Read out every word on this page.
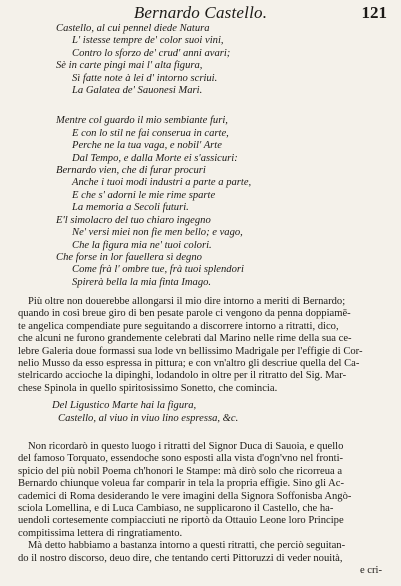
Bernardo Castello.	121
Castello, al cui pennel diede Natura
L' istesse tempre de' color suoi vini,
Contro lo sforzo de' crud' anni avari;
Sè in carte pingi mai l' alta figura,
Sì fatte note à lei d' intorno scriui.
La Galatea de' Sauonesi Mari.
Mentre col guardo il mio sembiante furi,
E con lo stil ne fai conserua in carte,
Perche ne la tua vaga, e nobil' Arte
Dal Tempo, e dalla Morte ei s'assicuri:
Bernardo vien, che di furar procuri
Anche i tuoi modi industri a parte a parte,
E che s' adorni le mie rime sparte
La memoria a Secoli futuri.
E'l simolacro del tuo chiaro ingegno
Ne' versi miei non fie men bello; e vago,
Che la figura mia ne' tuoi colori.
Che forse in lor fauellera sì degno
Come frà l' ombre tue, frà tuoi splendori
Spirerà bella la mia finta Imago.
Più oltre non douerebbe allongarsi il mio dire intorno a meriti di Bernardo;
quando in così breue giro di ben pesate parole ci vengono da penna doppiamē-
te angelica compendiate pure seguitando a discorrere intorno a ritratti, dico,
che alcuni ne furono grandemente celebrati dal Marino nelle rime della sua ce-
lebre Galeria doue formassi sua lode vn bellissimo Madrigale per l'effigie di Cor-
nelio Musso da esso espressa in pittura; e con vn'altro gli descriue quella del Ca-
stelricardo accioche la dipinghi, lodandolo in oltre per il ritratto del Sig. Mar-
chese Spinola in quello spiritosissimo Sonetto, che comincia.
Del Ligustico Marte hai la figura,
Castello, al viuo in viuo lino espressa, &c.
Non ricordarò in questo luogo i ritratti del Signor Duca di Sauoia, e quello
del famoso Torquato, essendoche sono esposti alla vista d'ogn'vno nel fronti-
spicio del più nobil Poema ch'honori le Stampe: mà dirò solo che ricorreua a
Bernardo chiunque voleua far comparir in tela la propria effigie. Sino gli Ac-
cademici di Roma desiderando le vere imagini della Signora Soffonisba Angò-
sciola Lomellina, e di Luca Cambiaso, ne supplicarono il Castello, che ha-
uendoli cortesemente compiacciuti ne riportò da Ottauio Leone loro Principe
compitissima lettera di ringratiamento.
Mà detto habbiamo a bastanza intorno a questi ritratti, che perciò seguitan-
do il nostro discorso, deuo dire, che tentando certi Pittoruzzi di veder nouità,
e cri-
